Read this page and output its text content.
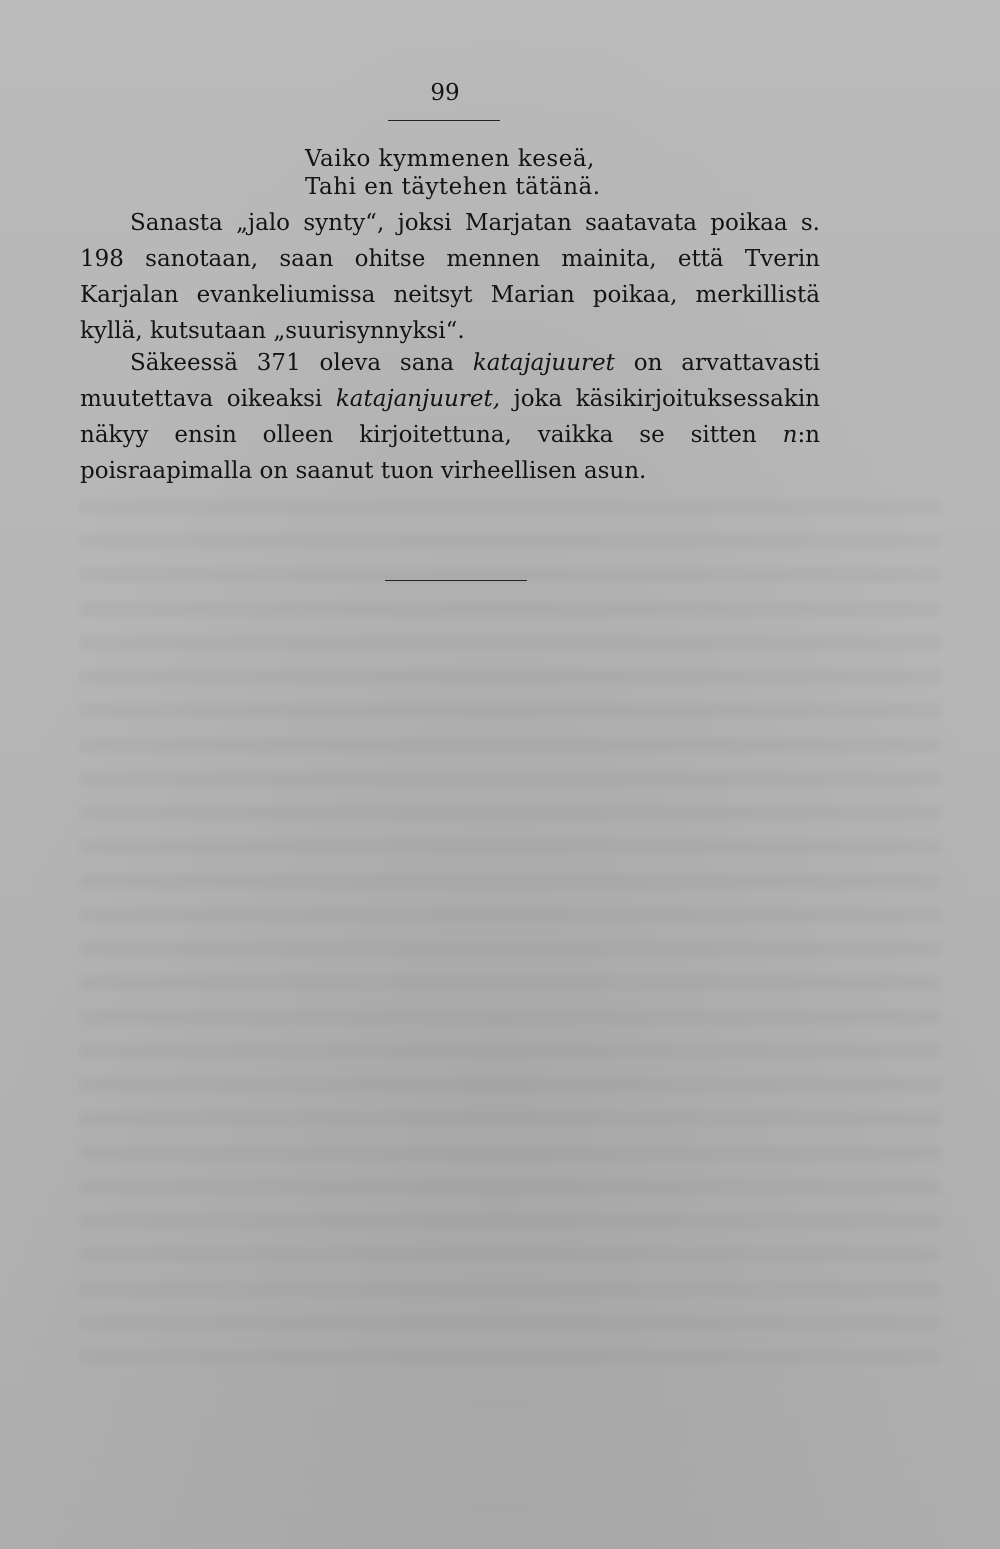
99
Vaiko kymmenen keseä,
Tahi en täytehen tätänä.

Sanasta „jalo synty“, joksi Marjatan saatavata poikaa s. 198 sanotaan, saan ohitse mennen mainita, että Tverin Karjalan evankeliumissa neitsyt Marian poikaa, merkillistä kyllä, kutsutaan „suurisynnyksi“.

Säkeessä 371 oleva sana katajajuuret on arvattavasti muutettava oikeaksi katajanjuuret, joka käsikirjoituksessakin näkyy ensin olleen kirjoitettuna, vaikka se sitten n:n poisraapimalla on saanut tuon virheellisen asun.
